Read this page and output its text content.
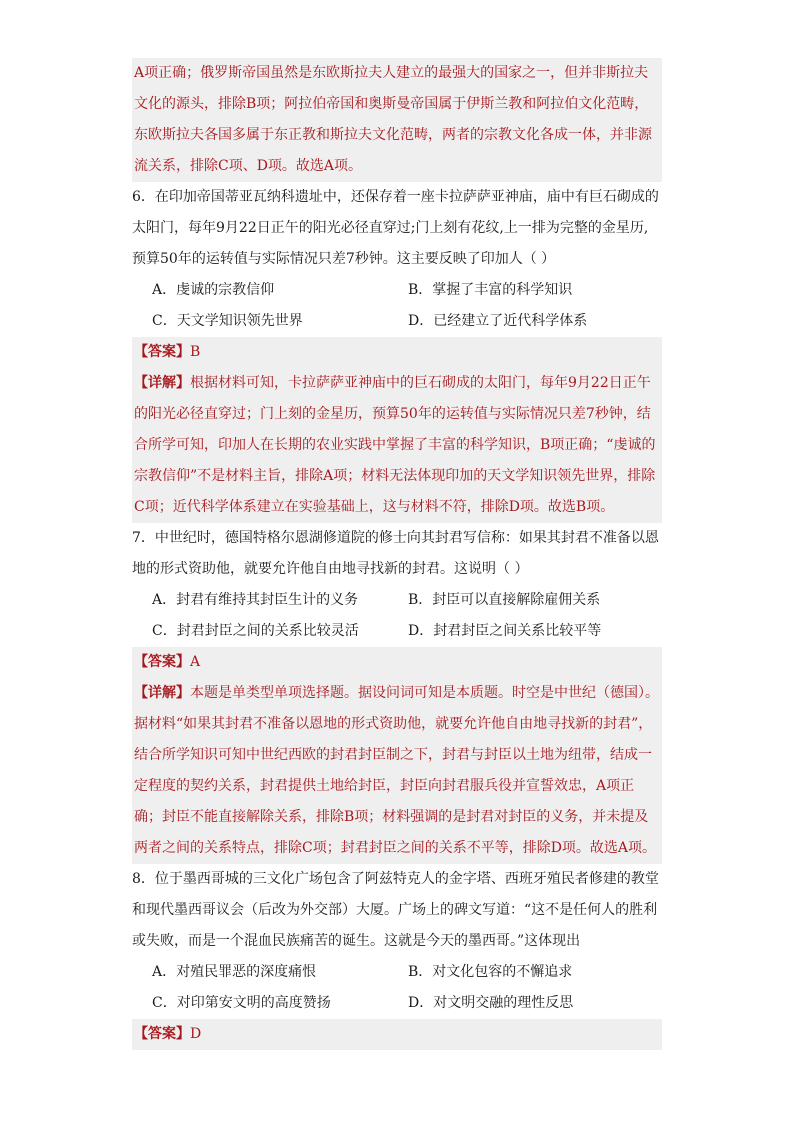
A项正确；俄罗斯帝国虽然是东欧斯拉夫人建立的最强大的国家之一，但并非斯拉夫文化的源头，排除B项；阿拉伯帝国和奥斯曼帝国属于伊斯兰教和阿拉伯文化范畴，东欧斯拉夫各国多属于东正教和斯拉夫文化范畴，两者的宗教文化各成一体，并非源流关系，排除C项、D项。故选A项。

6．在印加帝国蒂亚瓦纳科遗址中，还保存着一座卡拉萨萨亚神庙，庙中有巨石砌成的太阳门，每年9月22日正午的阳光必径直穿过;门上刻有花纹,上一排为完整的金星历,预算50年的运转值与实际情况只差7秒钟。这主要反映了印加人（ ）

A．虔诚的宗教信仰	B．掌握了丰富的科学知识
C．天文学知识领先世界	D．已经建立了近代科学体系

【答案】B

【详解】根据材料可知，卡拉萨萨亚神庙中的巨石砌成的太阳门，每年9月22日正午的阳光必径直穿过；门上刻的金星历，预算50年的运转值与实际情况只差7秒钟，结合所学可知，印加人在长期的农业实践中掌握了丰富的科学知识，B项正确；“虔诚的宗教信仰”不是材料主旨，排除A项；材料无法体现印加的天文学知识领先世界，排除C项；近代科学体系建立在实验基础上，这与材料不符，排除D项。故选B项。

7．中世纪时，德国特格尔恩湖修道院的修士向其封君写信称：如果其封君不准备以恩地的形式资助他，就要允许他自由地寻找新的封君。这说明（ ）

A．封君有维持其封臣生计的义务	B．封臣可以直接解除雇佣关系
C．封君封臣之间的关系比较灵活	D．封君封臣之间关系比较平等

【答案】A

【详解】本题是单类型单项选择题。据设问词可知是本质题。时空是中世纪（德国）。据材料“如果其封君不准备以恩地的形式资助他，就要允许他自由地寻找新的封君”，结合所学知识可知中世纪西欧的封君封臣制之下，封君与封臣以土地为纽带，结成一定程度的契约关系，封君提供土地给封臣，封臣向封君服兵役并宣誓效忠，A项正确；封臣不能直接解除关系，排除B项；材料强调的是封君对封臣的义务，并未提及两者之间的关系特点，排除C项；封君封臣之间的关系不平等，排除D项。故选A项。

8．位于墨西哥城的三文化广场包含了阿兹特克人的金字塔、西班牙殖民者修建的教堂和现代墨西哥议会（后改为外交部）大厦。广场上的碑文写道：“这不是任何人的胜利或失败，而是一个混血民族痛苦的诞生。这就是今天的墨西哥。”这体现出

A．对殖民罪恶的深度痛恨	B．对文化包容的不懈追求
C．对印第安文明的高度赞扬	D．对文明交融的理性反思

【答案】D
